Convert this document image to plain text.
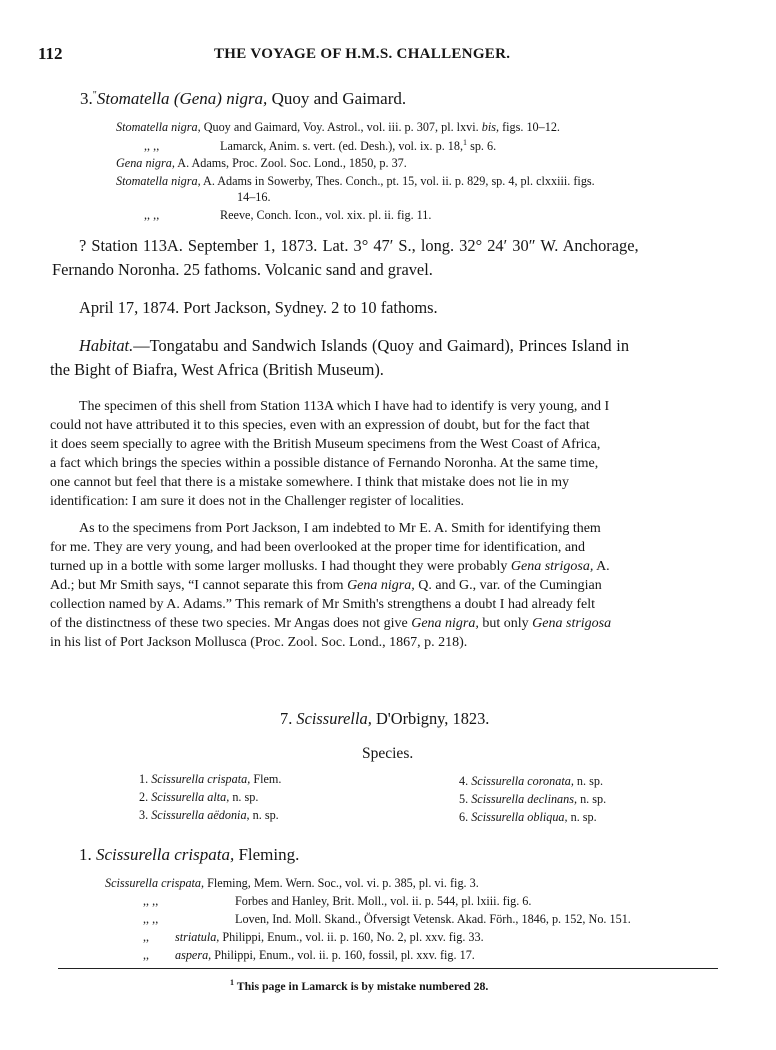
112	THE VOYAGE OF H.M.S. CHALLENGER.
3."Stomatella (Gena) nigra, Quoy and Gaimard.
Stomatella nigra, Quoy and Gaimard, Voy. Astrol., vol. iii. p. 307, pl. lxvi. bis, figs. 10–12.
,, ,,	Lamarck, Anim. s. vert. (ed. Desh.), vol. ix. p. 18,$^1$ sp. 6.
Gena nigra, A. Adams, Proc. Zool. Soc. Lond., 1850, p. 37.
Stomatella nigra, A. Adams in Sowerby, Thes. Conch., pt. 15, vol. ii. p. 829, sp. 4, pl. clxxiii. figs.
14–16.
,, ,,	Reeve, Conch. Icon., vol. xix. pl. ii. fig. 11.
? Station 113A. September 1, 1873. Lat. 3° 47′ S., long. 32° 24′ 30″ W. Anchorage,
Fernando Noronha. 25 fathoms. Volcanic sand and gravel.
April 17, 1874. Port Jackson, Sydney. 2 to 10 fathoms.
Habitat.—Tongatabu and Sandwich Islands (Quoy and Gaimard), Princes Island in
the Bight of Biafra, West Africa (British Museum).
The specimen of this shell from Station 113A which I have had to identify is very young, and I
could not have attributed it to this species, even with an expression of doubt, but for the fact that
it does seem specially to agree with the British Museum specimens from the West Coast of Africa,
a fact which brings the species within a possible distance of Fernando Noronha. At the same time,
one cannot but feel that there is a mistake somewhere. I think that mistake does not lie in my
identification: I am sure it does not in the Challenger register of localities.
As to the specimens from Port Jackson, I am indebted to Mr E. A. Smith for identifying them
for me. They are very young, and had been overlooked at the proper time for identification, and
turned up in a bottle with some larger mollusks. I had thought they were probably Gena strigosa, A.
Ad.; but Mr Smith says, “I cannot separate this from Gena nigra, Q. and G., var. of the Cumingian
collection named by A. Adams.” This remark of Mr Smith's strengthens a doubt I had already felt
of the distinctness of these two species. Mr Angas does not give Gena nigra, but only Gena strigosa
in his list of Port Jackson Mollusca (Proc. Zool. Soc. Lond., 1867, p. 218).
7. Scissurella, D'Orbigny, 1823.
Species.
1. Scissurella crispata, Flem.
2. Scissurella alta, n. sp.
3. Scissurella aëdonia, n. sp.
4. Scissurella coronata, n. sp.
5. Scissurella declinans, n. sp.
6. Scissurella obliqua, n. sp.
1. Scissurella crispata, Fleming.
Scissurella crispata, Fleming, Mem. Wern. Soc., vol. vi. p. 385, pl. vi. fig. 3.
,, ,,	Forbes and Hanley, Brit. Moll., vol. ii. p. 544, pl. lxiii. fig. 6.
,, ,,	Loven, Ind. Moll. Skand., Öfversigt Vetensk. Akad. Förh., 1846, p. 152, No. 151.
,, striatula, Philippi, Enum., vol. ii. p. 160, No. 2, pl. xxv. fig. 33.
,, aspera, Philippi, Enum., vol. ii. p. 160, fossil, pl. xxv. fig. 17.
$^1$ This page in Lamarck is by mistake numbered 28.
